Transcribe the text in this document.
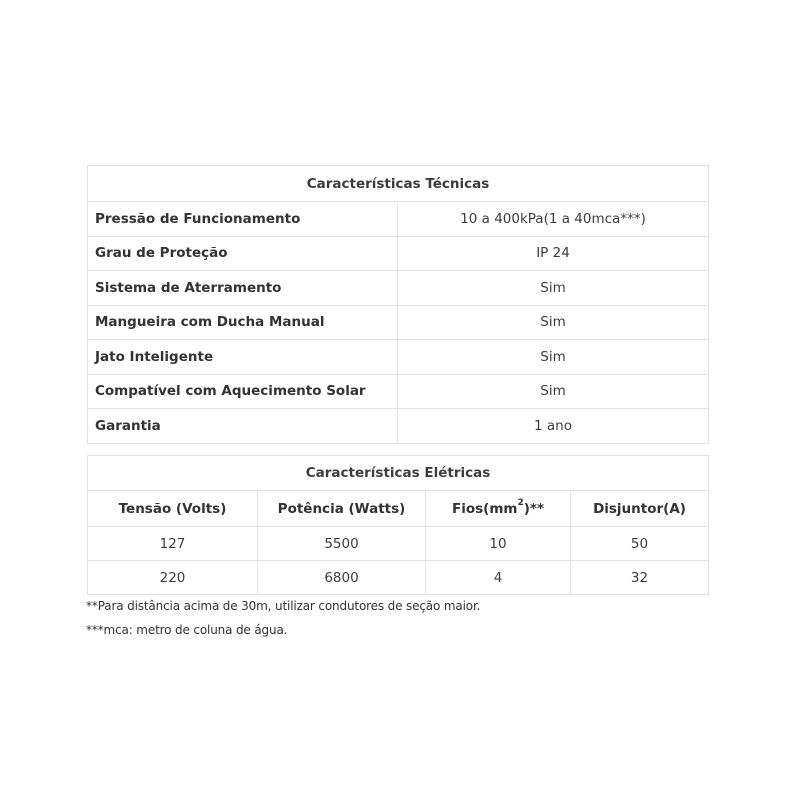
Características Técnicas	
Pressão de Funcionamento	10 a 400kPa(1 a 40mca***)
Grau de Proteção	IP 24
Sistema de Aterramento	Sim
Mangueira com Ducha Manual	Sim
Jato Inteligente	Sim
Compatível com Aquecimento Solar	Sim
Garantia	1 ano
Características Elétricas			
Tensão (Volts)	Potência (Watts)	$Fios(mm^2)**$	Disjuntor(A)
127	5500	10	50
220	6800	4	32
**Para distância acima de 30m, utilizar condutores de seção maior.
***mca: metro de coluna de água.
